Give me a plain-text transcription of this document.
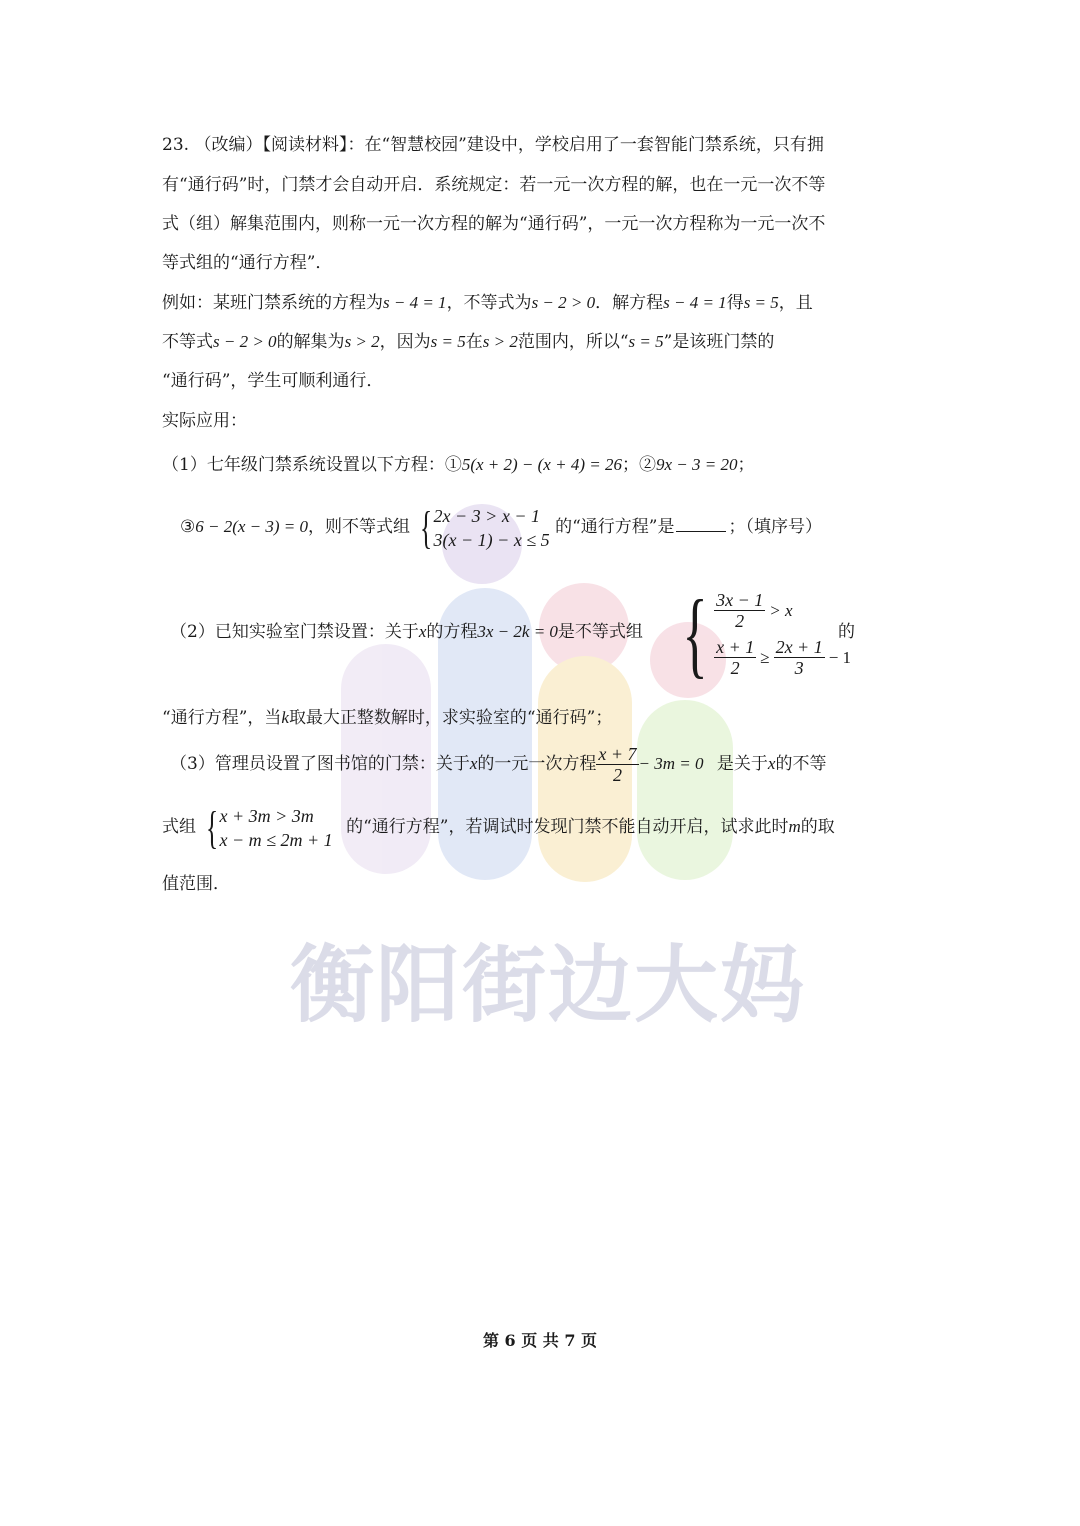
衡阳街边大妈
23. （改编）【阅读材料】：在“智慧校园”建设中，学校启用了一套智能门禁系统，只有拥
有“通行码”时，门禁才会自动开启．系统规定：若一元一次方程的解，也在一元一次不等
式（组）解集范围内，则称一元一次方程的解为“通行码”，一元一次方程称为一元一次不
等式组的“通行方程”．
例如：某班门禁系统的方程为s − 4 = 1，不等式为s − 2 > 0．解方程s − 4 = 1得s = 5，且
不等式s − 2 > 0的解集为s > 2，因为s = 5在s > 2范围内，所以“s = 5”是该班门禁的
“通行码”，学生可顺利通行．
实际应用：
（1）七年级门禁系统设置以下方程：①5(x + 2) − (x + 4) = 26；②9x − 3 = 20；
③6 − 2(x − 3) = 0，则不等式组 { 2x − 3 > x − 1
3(x − 1) − x ≤ 5
的“通行方程”是	；（填序号）
（2）已知实验室门禁设置：关于x的方程3x − 2k = 0是不等式组 { $\frac{3x - 1}{2} > x$
$\frac{x + 1}{2} \ge \frac{2x + 1}{3} - 1$
的
“通行方程”，当k取最大正整数解时，求实验室的“通行码”；
（3）管理员设置了图书馆的门禁：关于x的一元一次方程 $\frac{x + 7}{2} - 3m = 0$ 是关于x的不等
式组 { x + 3m > 3m
x − m ≤ 2m + 1
的“通行方程”，若调试时发现门禁不能自动开启，试求此时m的取
值范围．
第 6 页 共 7 页
